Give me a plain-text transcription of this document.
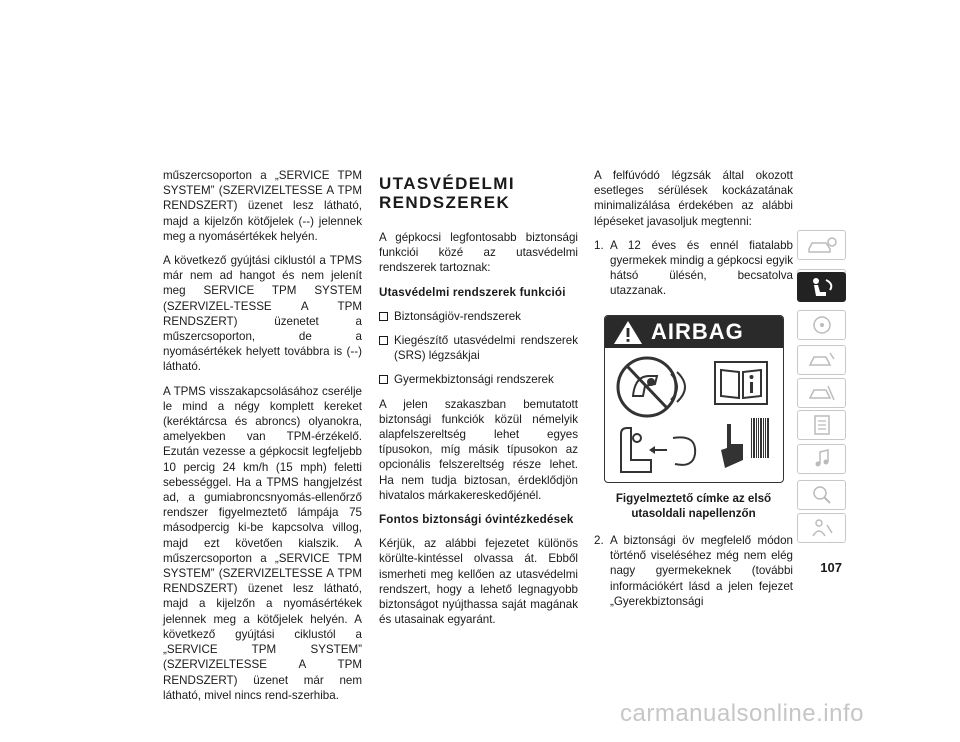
műszercsoporton a „SERVICE TPM SYSTEM” (SZERVIZELTESSE A TPM RENDSZERT) üzenet lesz látható, majd a kijelzőn kötőjelek (--) jelennek meg a nyomásértékek helyén.

A következő gyújtási ciklustól a TPMS már nem ad hangot és nem jelenít meg SERVICE TPM SYSTEM (SZERVIZEL-TESSE A TPM RENDSZERT) üzenetet a műszercsoporton, de a nyomásértékek helyett továbbra is (--) látható.

A TPMS visszakapcsolásához cserélje le mind a négy komplett kereket (keréktárcsa és abroncs) olyanokra, amelyekben van TPM-érzékelő. Ezután vezesse a gépkocsit legfeljebb 10 percig 24 km/h (15 mph) feletti sebességgel. Ha a TPMS hangjelzést ad, a gumiabroncsnyomás-ellenőrző rendszer figyelmeztető lámpája 75 másodpercig ki-be kapcsolva villog, majd ezt követően kialszik. A műszercsoporton a „SERVICE TPM SYSTEM” (SZERVIZELTESSE A TPM RENDSZERT) üzenet lesz látható, majd a kijelzőn a nyomásértékek jelennek meg a kötőjelek helyén. A következő gyújtási ciklustól a „SERVICE TPM SYSTEM” (SZERVIZELTESSE A TPM RENDSZERT) üzenet már nem látható, mivel nincs rend-szerhiba.

UTASVÉDELMI RENDSZEREK

A gépkocsi legfontosabb biztonsági funkciói közé az utasvédelmi rendszerek tartoznak:

Utasvédelmi rendszerek funkciói
Biztonságiöv-rendszerek
Kiegészítő utasvédelmi rendszerek (SRS) légzsákjai
Gyermekbiztonsági rendszerek

A jelen szakaszban bemutatott biztonsági funkciók közül némelyik alapfelszereltség lehet egyes típusokon, míg másik típusokon az opcionális felszereltség része lehet. Ha nem tudja biztosan, érdeklődjön hivatalos márkakereskedőjénél.

Fontos biztonsági óvintézkedések

Kérjük, az alábbi fejezetet különös körülte-kintéssel olvassa át. Ebből ismerheti meg kellően az utasvédelmi rendszert, hogy a lehető legnagyobb biztonságot nyújthassa saját magának és utasainak egyaránt.

A felfúvódó légzsák által okozott esetleges sérülések kockázatának minimalizálása érdekében az alábbi lépéseket javasoljuk megtenni:

1. A 12 éves és ennél fiatalabb gyermekek mindig a gépkocsi egyik hátsó ülésén, becsatolva utazzanak.
AIRBAG
Figyelmeztető címke az első utasoldali napellenzőn
2. A biztonsági öv megfelelő módon történő viseléséhez még nem elég nagy gyermekeknek (további információkért lásd a jelen fejezet „Gyerekbiztonsági
107
carmanualsonline.info
